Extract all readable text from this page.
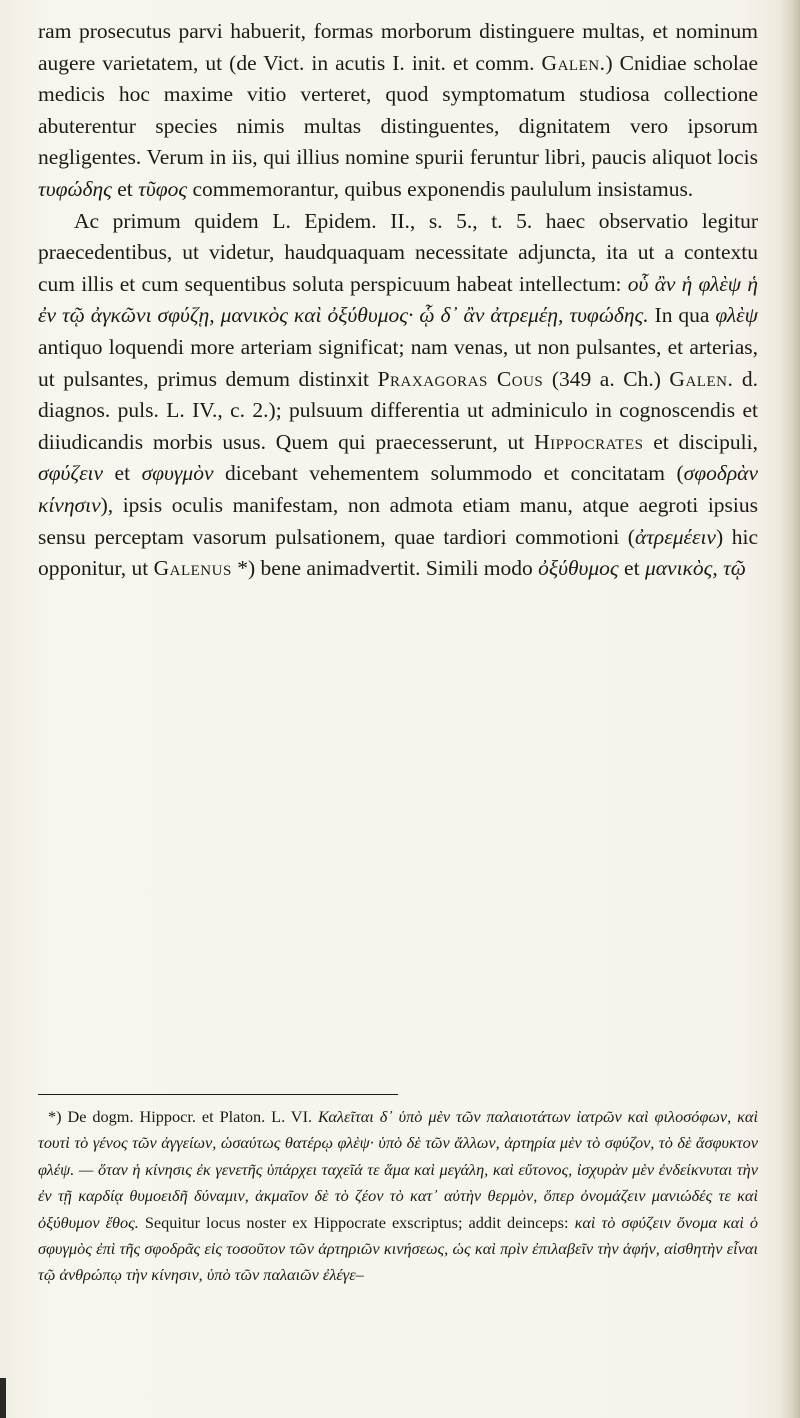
ram prosecutus parvi habuerit, formas morborum distinguere multas, et nominum augere varietatem, ut (de Vict. in acutis I. init. et comm. Galen.) Cnidiae scholae medicis hoc maxime vitio verteret, quod symptomatum studiosa collectione abuterentur species nimis multas distinguentes, dignitatem vero ipsorum negligentes. Verum in iis, qui illius nomine spurii feruntur libri, paucis aliquot locis τυφώδης et τῦφος commemorantur, quibus exponendis paululum insistamus.

Ac primum quidem L. Epidem. II., s. 5., t. 5. haec observatio legitur praecedentibus, ut videtur, haudquaquam necessitate adjuncta, ita ut a contextu cum illis et cum sequentibus soluta perspicuum habeat intellectum: οὗ ἂν ἡ φλὲψ ἡ ἐν τῷ ἀγκῶνι σφύζῃ, μανικὸς καὶ ὀξύθυμος· ᾧ δ᾽ ἂν ἀτρεμέῃ, τυφώδης. In qua φλὲψ antiquo loquendi more arteriam significat; nam venas, ut non pulsantes, et arterias, ut pulsantes, primus demum distinxit Praxagoras Cous (349 a. Ch.) Galen. d. diagnos. puls. L. IV., c. 2.); pulsuum differentia ut adminiculo in cognoscendis et diiudicandis morbis usus. Quem qui praecesserunt, ut Hippocrates et discipuli, σφύζειν et σφυγμὸν dicebant vehementem solummodo et concitatam (σφοδρὰν κίνησιν), ipsis oculis manifestam, non admota etiam manu, atque aegroti ipsius sensu perceptam vasorum pulsationem, quae tardiori commotioni (ἀτρεμέειν) hic opponitur, ut Galenus *) bene animadvertit. Simili modo ὀξύθυμος et μανικὸς, τῷ

*) De dogm. Hippocr. et Platon. L. VI. Καλεῖται δ᾽ ὑπὸ μὲν τῶν παλαιοτάτων ἰατρῶν καὶ φιλοσόφων, καὶ τουτὶ τὸ γένος τῶν ἀγγείων, ὡσαύτως θατέρῳ φλὲψ· ὑπὸ δὲ τῶν ἄλλων, ἀρτηρία μὲν τὸ σφύζον, τὸ δὲ ἄσφυκτον φλέψ. — ὅταν ἡ κίνησις ἐκ γενετῆς ὑπάρχει ταχεῖά τε ἅμα καὶ μεγάλη, καὶ εὔτονος, ἰσχυρὰν μὲν ἐνδείκνυται τὴν ἐν τῇ καρδίᾳ θυμοειδῆ δύναμιν, ἀκμαῖον δὲ τὸ ζέον τὸ κατ᾽ αὐτὴν θερμὸν, ὅπερ ὀνομάζειν μανιώδές τε καὶ ὀξύθυμον ἔθος. Sequitur locus noster ex Hippocrate exscriptus; addit deinceps: καὶ τὸ σφύζειν ὄνομα καὶ ὁ σφυγμὸς ἐπὶ τῆς σφοδρᾶς εἰς τοσοῦτον τῶν ἀρτηριῶν κινήσεως, ὡς καὶ πρὶν ἐπιλαβεῖν τὴν ἁφήν, αἰσθητὴν εἶναι τῷ ἀνθρώπῳ τὴν κίνησιν, ὑπὸ τῶν παλαιῶν ἐλέγε–
